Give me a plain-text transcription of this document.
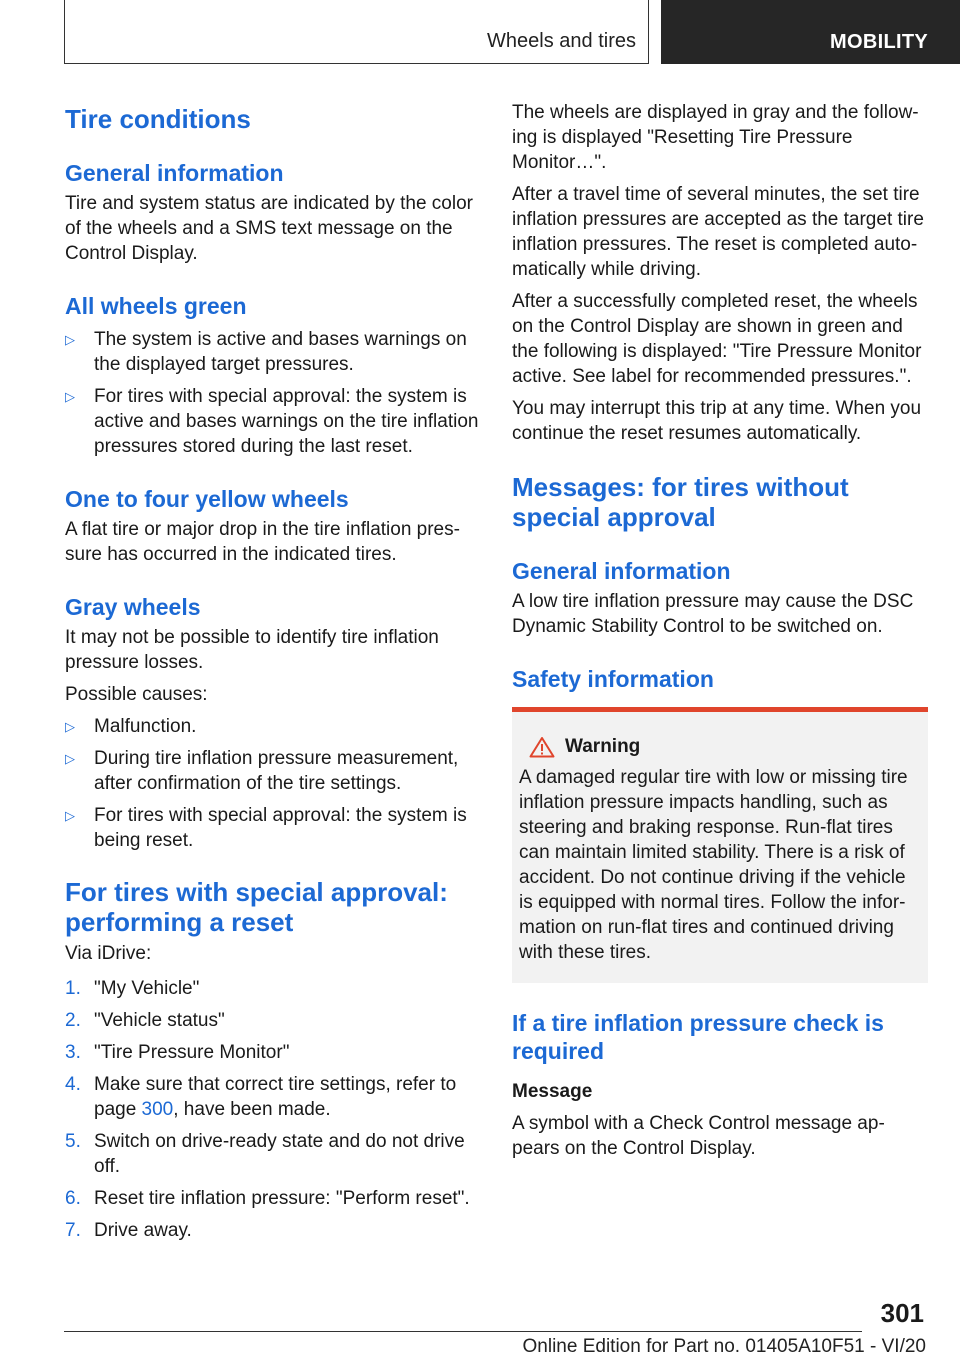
Wheels and tires	MOBILITY
Tire conditions
General information

Tire and system status are indicated by the color of the wheels and a SMS text message on the Control Display.

All wheels green
▷ The system is active and bases warnings on the displayed target pressures.
▷ For tires with special approval: the system is active and bases warnings on the tire inflation pressures stored during the last reset.
One to four yellow wheels

A flat tire or major drop in the tire inflation pres-sure has occurred in the indicated tires.

Gray wheels

It may not be possible to identify tire inflation pressure losses.

Possible causes:

▷ Malfunction.
▷ During tire inflation pressure measurement, after confirmation of the tire settings.
▷ For tires with special approval: the system is being reset.
For tires with special approval: performing a reset

Via iDrive:

1. "My Vehicle"
2. "Vehicle status"
3. "Tire Pressure Monitor"
4. Make sure that correct tire settings, refer to page 300, have been made.
5. Switch on drive-ready state and do not drive off.
6. Reset tire inflation pressure: "Perform reset".
7. Drive away.

The wheels are displayed in gray and the follow-ing is displayed "Resetting Tire Pressure Monitor…".

After a travel time of several minutes, the set tire inflation pressures are accepted as the target tire inflation pressures. The reset is completed auto-matically while driving.

After a successfully completed reset, the wheels on the Control Display are shown in green and the following is displayed: "Tire Pressure Monitor active. See label for recommended pressures.".

You may interrupt this trip at any time. When you continue the reset resumes automatically.

Messages: for tires without special approval
General information

A low tire inflation pressure may cause the DSC Dynamic Stability Control to be switched on.

Safety information
Warning

A damaged regular tire with low or missing tire inflation pressure impacts handling, such as steering and braking response. Run-flat tires can maintain limited stability. There is a risk of accident. Do not continue driving if the vehicle is equipped with normal tires. Follow the infor-mation on run-flat tires and continued driving with these tires.

If a tire inflation pressure check is required
Message

A symbol with a Check Control message ap-pears on the Control Display.

301
Online Edition for Part no. 01405A10F51 - VI/20
